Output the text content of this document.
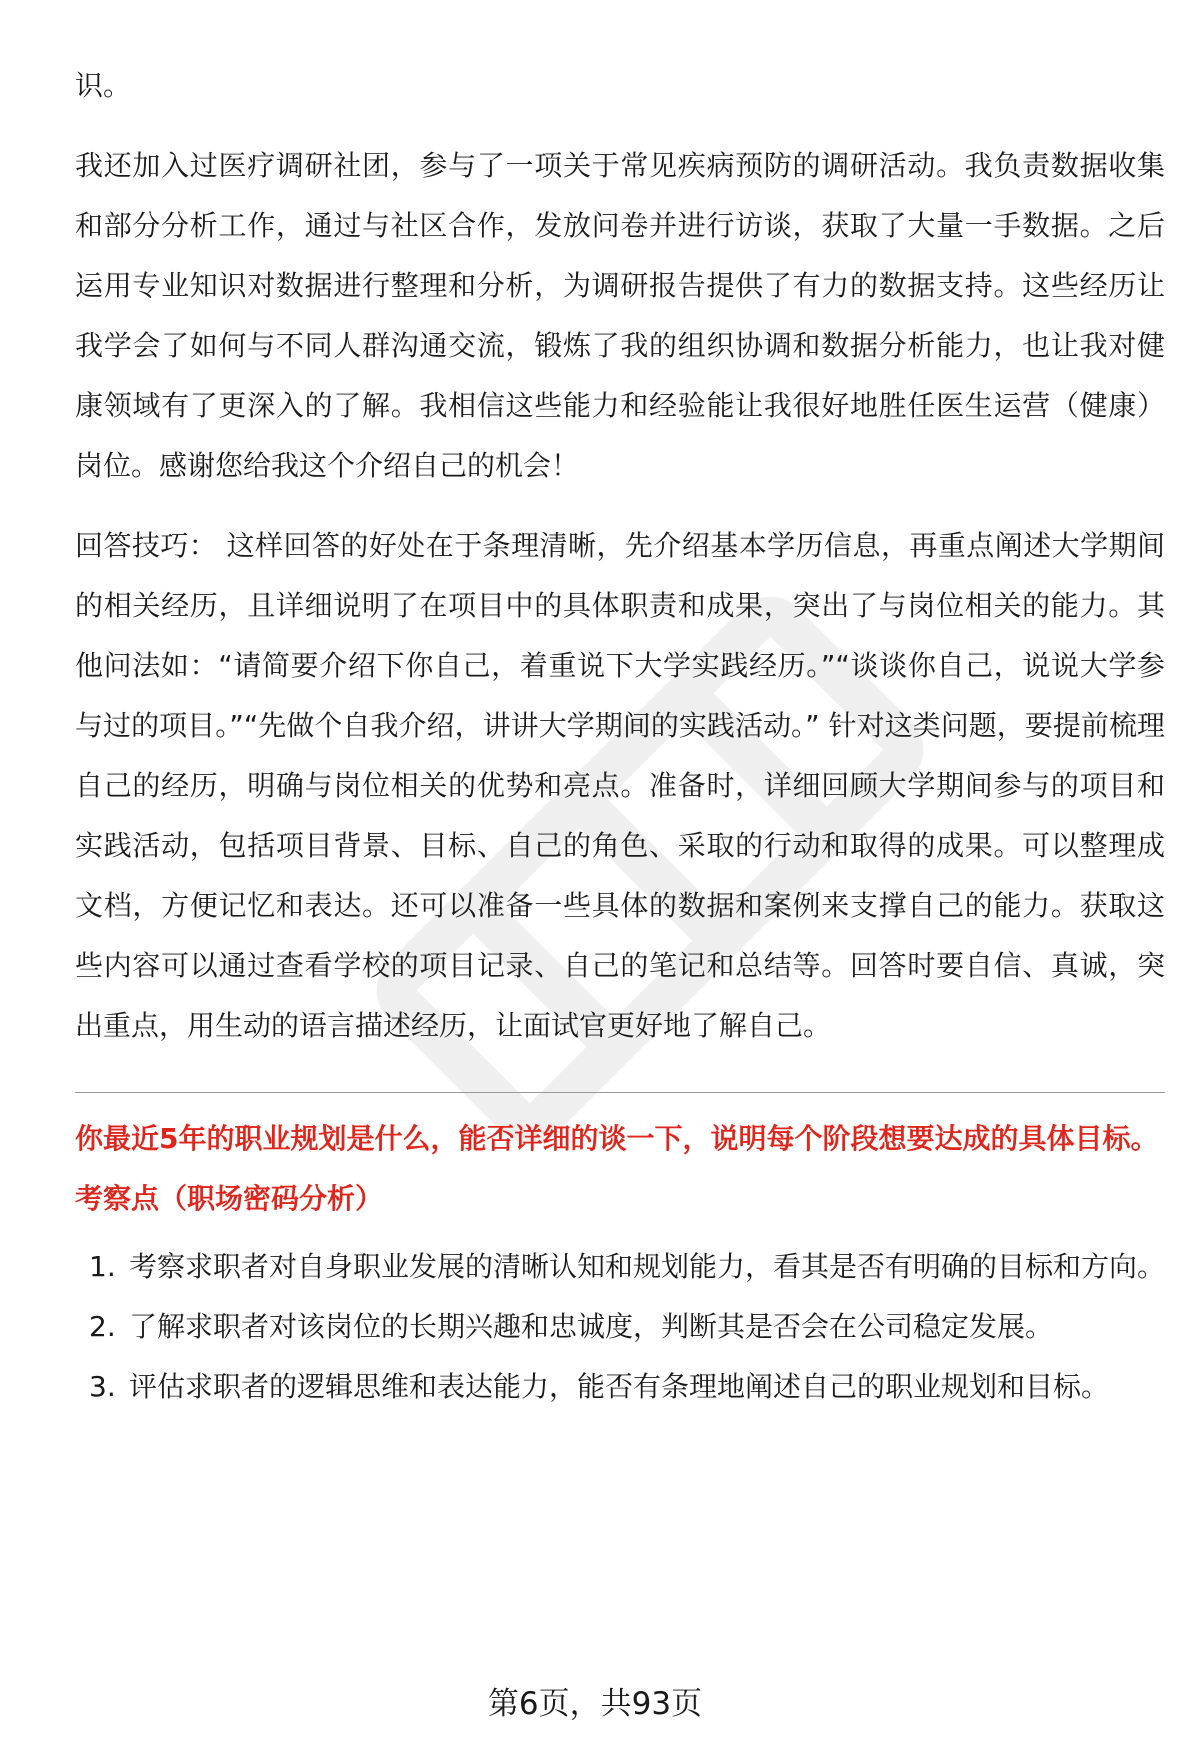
识。

我还加入过医疗调研社团，参与了一项关于常见疾病预防的调研活动。我负责数据收集和部分分析工作，通过与社区合作，发放问卷并进行访谈，获取了大量一手数据。之后运用专业知识对数据进行整理和分析，为调研报告提供了有力的数据支持。这些经历让我学会了如何与不同人群沟通交流，锻炼了我的组织协调和数据分析能力，也让我对健康领域有了更深入的了解。我相信这些能力和经验能让我很好地胜任医生运营（健康）岗位。感谢您给我这个介绍自己的机会！

回答技巧： 这样回答的好处在于条理清晰，先介绍基本学历信息，再重点阐述大学期间的相关经历，且详细说明了在项目中的具体职责和成果，突出了与岗位相关的能力。其他问法如：“请简要介绍下你自己，着重说下大学实践经历。”“谈谈你自己，说说大学参与过的项目。”“先做个自我介绍，讲讲大学期间的实践活动。” 针对这类问题，要提前梳理自己的经历，明确与岗位相关的优势和亮点。准备时，详细回顾大学期间参与的项目和实践活动，包括项目背景、目标、自己的角色、采取的行动和取得的成果。可以整理成文档，方便记忆和表达。还可以准备一些具体的数据和案例来支撑自己的能力。获取这些内容可以通过查看学校的项目记录、自己的笔记和总结等。回答时要自信、真诚，突出重点，用生动的语言描述经历，让面试官更好地了解自己。

你最近5年的职业规划是什么，能否详细的谈一下，说明每个阶段想要达成的具体目标。
考察点（职场密码分析）
1. 考察求职者对自身职业发展的清晰认知和规划能力，看其是否有明确的目标和方向。
2. 了解求职者对该岗位的长期兴趣和忠诚度，判断其是否会在公司稳定发展。
3. 评估求职者的逻辑思维和表达能力，能否有条理地阐述自己的职业规划和目标。
第6页，共93页
